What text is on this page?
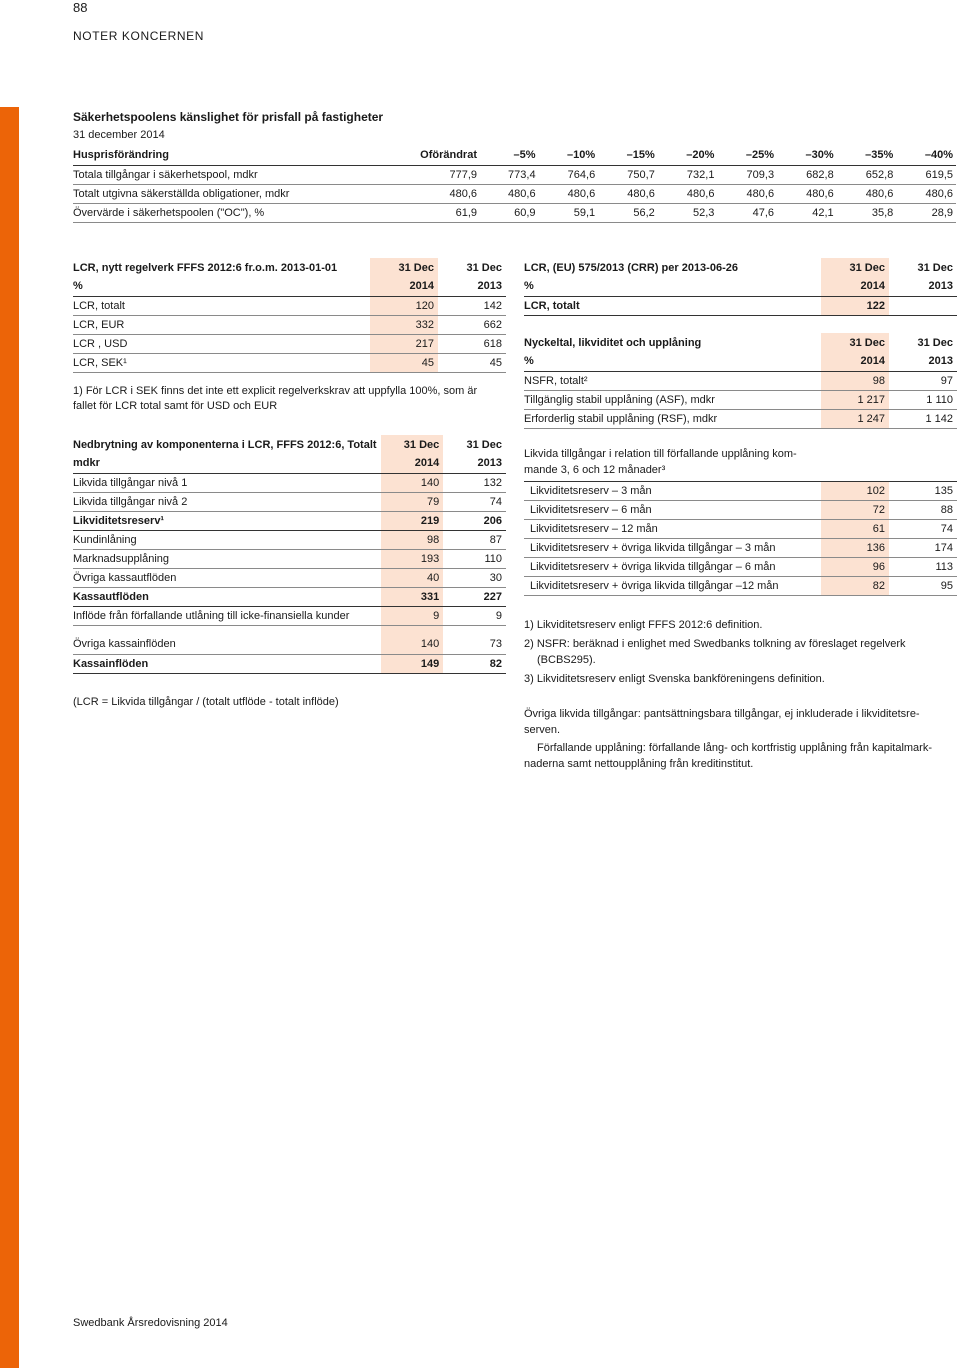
88
NOTER KONCERNEN
Säkerhetspoolens känslighet för prisfall på fastigheter
31 december 2014
Husprisförändring	Oförändrat	–5%	–10%	–15%	–20%	–25%	–30%	–35%	–40%
Totala tillgångar i säkerhetspool, mdkr	777,9	773,4	764,6	750,7	732,1	709,3	682,8	652,8	619,5
Totalt utgivna säkerställda obligationer, mdkr	480,6	480,6	480,6	480,6	480,6	480,6	480,6	480,6	480,6
Övervärde i säkerhetspoolen ("OC"), %	61,9	60,9	59,1	56,2	52,3	47,6	42,1	35,8	28,9
LCR, nytt regelverk FFFS 2012:6 fr.o.m. 2013-01-01	31 Dec	31 Dec
%	2014	2013
LCR, totalt	120	142
LCR, EUR	332	662
LCR , USD	217	618
LCR, SEK¹	45	45
1) För LCR i SEK finns det inte ett explicit regelverkskrav att uppfylla 100%, som är fallet för LCR total samt för USD och EUR
LCR, (EU) 575/2013 (CRR) per 2013-06-26	31 Dec	31 Dec
%	2014	2013
LCR, totalt	122	
Nyckeltal, likviditet och upplåning	31 Dec	31 Dec
%	2014	2013
NSFR, totalt²	98	97
Tillgänglig stabil upplåning (ASF), mdkr	1 217	1 110
Erforderlig stabil upplåning (RSF), mdkr	1 247	1 142
Nedbrytning av komponenterna i LCR, FFFS 2012:6, Totalt	31 Dec	31 Dec
mdkr	2014	2013
Likvida tillgångar nivå 1	140	132
Likvida tillgångar nivå 2	79	74
Likviditetsreserv¹	219	206
Kundinlåning	98	87
Marknadsupplåning	193	110
Övriga kassautflöden	40	30
Kassautflöden	331	227
Inflöde från förfallande utlåning till icke-finansiella kunder	9	9

Övriga kassainflöden	140	73
Kassainflöden	149	82
(LCR = Likvida tillgångar / (totalt utflöde - totalt inflöde)
Likvida tillgångar i relation till förfallande upplåning kom-
mande 3, 6 och 12 månader³
Likviditetsreserv – 3 mån	102	135
Likviditetsreserv – 6 mån	72	88
Likviditetsreserv – 12 mån	61	74
Likviditetsreserv + övriga likvida tillgångar – 3 mån	136	174
Likviditetsreserv + övriga likvida tillgångar – 6 mån	96	113
Likviditetsreserv + övriga likvida tillgångar –12 mån	82	95
1) Likviditetsreserv enligt FFFS 2012:6 definition.
2) NSFR: beräknad i enlighet med Swedbanks tolkning av föreslaget regelverk
(BCBS295).
3) Likviditetsreserv enligt Svenska bankföreningens definition.
Övriga likvida tillgångar: pantsättningsbara tillgångar, ej inkluderade i likviditetsre-
serven.
Förfallande upplåning: förfallande lång- och kortfristig upplåning från kapitalmark-
naderna samt nettoupplåning från kreditinstitut.
Swedbank Årsredovisning 2014
